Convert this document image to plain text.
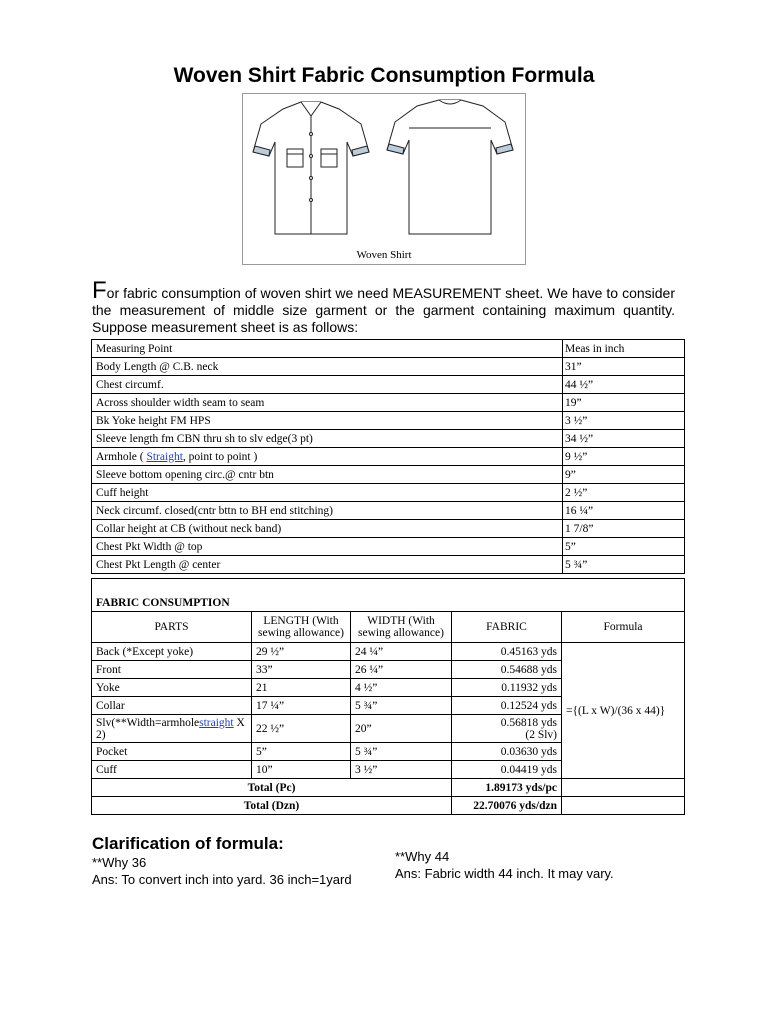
Woven Shirt Fabric Consumption Formula
Woven Shirt
For fabric consumption of woven shirt we need MEASUREMENT sheet. We have to consider the measurement of middle size garment or the garment containing maximum quantity. Suppose measurement sheet is as follows:
Measuring Point	Meas in inch
Body Length @ C.B. neck	31”
Chest circumf.	44 ½”
Across shoulder width seam to seam	19”
Bk Yoke height FM HPS	3 ½”
Sleeve length fm CBN thru sh to slv edge(3 pt)	34 ½”
Armhole ( Straight, point to point )	9 ½”
Sleeve bottom opening circ.@ cntr btn	9”
Cuff height	2 ½”
Neck circumf. closed(cntr bttn to BH end stitching)	16 ¼”
Collar height at CB (without neck band)	1 7/8”
Chest Pkt Width @ top	5”
Chest Pkt Length @ center	5 ¾”
FABRIC CONSUMPTION				
PARTS	LENGTH (With sewing allowance)	WIDTH (With sewing allowance)	FABRIC	Formula
Back (*Except yoke)	29 ½”	24 ¼”	0.45163 yds	={(L x W)/(36 x 44)}
Front	33”	26 ¼”	0.54688 yds	
Yoke	21	4 ½”	0.11932 yds	
Collar	17 ¼”	5 ¾”	0.12524 yds	
Slv(**Width=armholestraight X 2)	22 ½”	20”	0.56818 yds
(2 Slv)	
Pocket	5”	5 ¾”	0.03630 yds	
Cuff	10”	3 ½”	0.04419 yds	
Total (Pc)			1.89173 yds/pc	
Total (Dzn)			22.70076 yds/dzn	
Clarification of formula:
**Why 36
Ans: To convert inch into yard. 36 inch=1yard
**Why 44
Ans: Fabric width 44 inch. It may vary.
